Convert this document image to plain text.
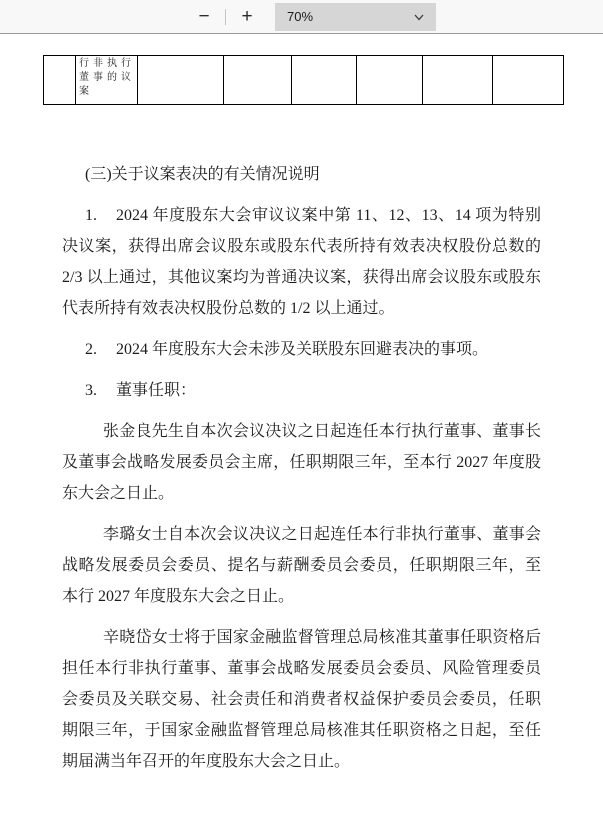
−	+	70%
	行非执行董事的议案						

(三)关于议案表决的有关情况说明

1. 2024 年度股东大会审议议案中第 11、12、13、14 项为特别决议案，获得出席会议股东或股东代表所持有效表决权股份总数的 2/3 以上通过，其他议案均为普通决议案，获得出席会议股东或股东代表所持有效表决权股份总数的 1/2 以上通过。

2. 2024 年度股东大会未涉及关联股东回避表决的事项。

3. 董事任职：

张金良先生自本次会议决议之日起连任本行执行董事、董事长及董事会战略发展委员会主席，任职期限三年，至本行 2027 年度股东大会之日止。

李璐女士自本次会议决议之日起连任本行非执行董事、董事会战略发展委员会委员、提名与薪酬委员会委员，任职期限三年，至本行 2027 年度股东大会之日止。

辛晓岱女士将于国家金融监督管理总局核准其董事任职资格后担任本行非执行董事、董事会战略发展委员会委员、风险管理委员会委员及关联交易、社会责任和消费者权益保护委员会委员，任职期限三年，于国家金融监督管理总局核准其任职资格之日起，至任期届满当年召开的年度股东大会之日止。
